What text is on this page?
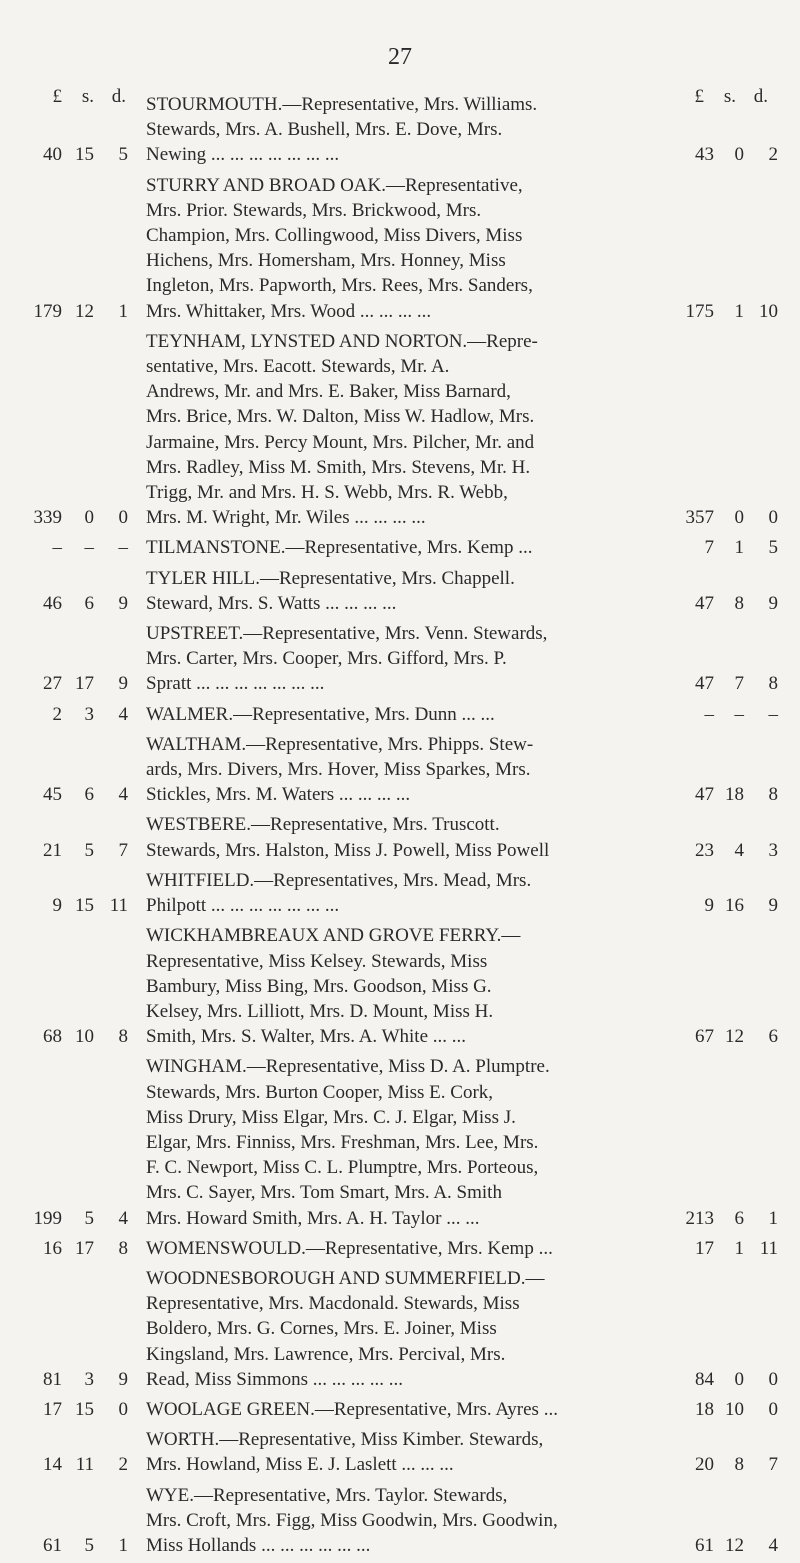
27
£ s. d.	£ s. d.
STOURMOUTH.—Representative, Mrs. Williams.
Stewards, Mrs. A. Bushell, Mrs. E. Dove, Mrs.
Newing ... ... ... ... ... ... ...
40 15 5	43 0 2
STURRY AND BROAD OAK.—Representative,
Mrs. Prior. Stewards, Mrs. Brickwood, Mrs.
Champion, Mrs. Collingwood, Miss Divers, Miss
Hichens, Mrs. Homersham, Mrs. Honney, Miss
Ingleton, Mrs. Papworth, Mrs. Rees, Mrs. Sanders,
Mrs. Whittaker, Mrs. Wood ... ... ... ...
179 12 1	175 1 10
TEYNHAM, LYNSTED AND NORTON.—Repre-
sentative, Mrs. Eacott. Stewards, Mr. A.
Andrews, Mr. and Mrs. E. Baker, Miss Barnard,
Mrs. Brice, Mrs. W. Dalton, Miss W. Hadlow, Mrs.
Jarmaine, Mrs. Percy Mount, Mrs. Pilcher, Mr. and
Mrs. Radley, Miss M. Smith, Mrs. Stevens, Mr. H.
Trigg, Mr. and Mrs. H. S. Webb, Mrs. R. Webb,
Mrs. M. Wright, Mr. Wiles ... ... ... ...
339 0 0	357 0 0
TILMANSTONE.—Representative, Mrs. Kemp ...
– – –	7 1 5
TYLER HILL.—Representative, Mrs. Chappell.
Steward, Mrs. S. Watts ... ... ... ...
46 6 9	47 8 9
UPSTREET.—Representative, Mrs. Venn. Stewards,
Mrs. Carter, Mrs. Cooper, Mrs. Gifford, Mrs. P.
Spratt ... ... ... ... ... ... ...
27 17 9	47 7 8
WALMER.—Representative, Mrs. Dunn ... ...
2 3 4	– – –
WALTHAM.—Representative, Mrs. Phipps. Stew-
ards, Mrs. Divers, Mrs. Hover, Miss Sparkes, Mrs.
Stickles, Mrs. M. Waters ... ... ... ...
45 6 4	47 18 8
WESTBERE.—Representative, Mrs. Truscott.
Stewards, Mrs. Halston, Miss J. Powell, Miss Powell
21 5 7	23 4 3
WHITFIELD.—Representatives, Mrs. Mead, Mrs.
Philpott ... ... ... ... ... ... ...
9 15 11	9 16 9
WICKHAMBREAUX AND GROVE FERRY.—
Representative, Miss Kelsey. Stewards, Miss
Bambury, Miss Bing, Mrs. Goodson, Miss G.
Kelsey, Mrs. Lilliott, Mrs. D. Mount, Miss H.
Smith, Mrs. S. Walter, Mrs. A. White ... ...
68 10 8	67 12 6
WINGHAM.—Representative, Miss D. A. Plumptre.
Stewards, Mrs. Burton Cooper, Miss E. Cork,
Miss Drury, Miss Elgar, Mrs. C. J. Elgar, Miss J.
Elgar, Mrs. Finniss, Mrs. Freshman, Mrs. Lee, Mrs.
F. C. Newport, Miss C. L. Plumptre, Mrs. Porteous,
Mrs. C. Sayer, Mrs. Tom Smart, Mrs. A. Smith
Mrs. Howard Smith, Mrs. A. H. Taylor ... ...
199 5 4	213 6 1
WOMENSWOULD.—Representative, Mrs. Kemp ...
16 17 8	17 1 11
WOODNESBOROUGH AND SUMMERFIELD.—
Representative, Mrs. Macdonald. Stewards, Miss
Boldero, Mrs. G. Cornes, Mrs. E. Joiner, Miss
Kingsland, Mrs. Lawrence, Mrs. Percival, Mrs.
Read, Miss Simmons ... ... ... ... ...
81 3 9	84 0 0
WOOLAGE GREEN.—Representative, Mrs. Ayres ...
17 15 0	18 10 0
WORTH.—Representative, Miss Kimber. Stewards,
Mrs. Howland, Miss E. J. Laslett ... ... ...
14 11 2	20 8 7
WYE.—Representative, Mrs. Taylor. Stewards,
Mrs. Croft, Mrs. Figg, Miss Goodwin, Mrs. Goodwin,
Miss Hollands ... ... ... ... ... ...
61 5 1	61 12 4
